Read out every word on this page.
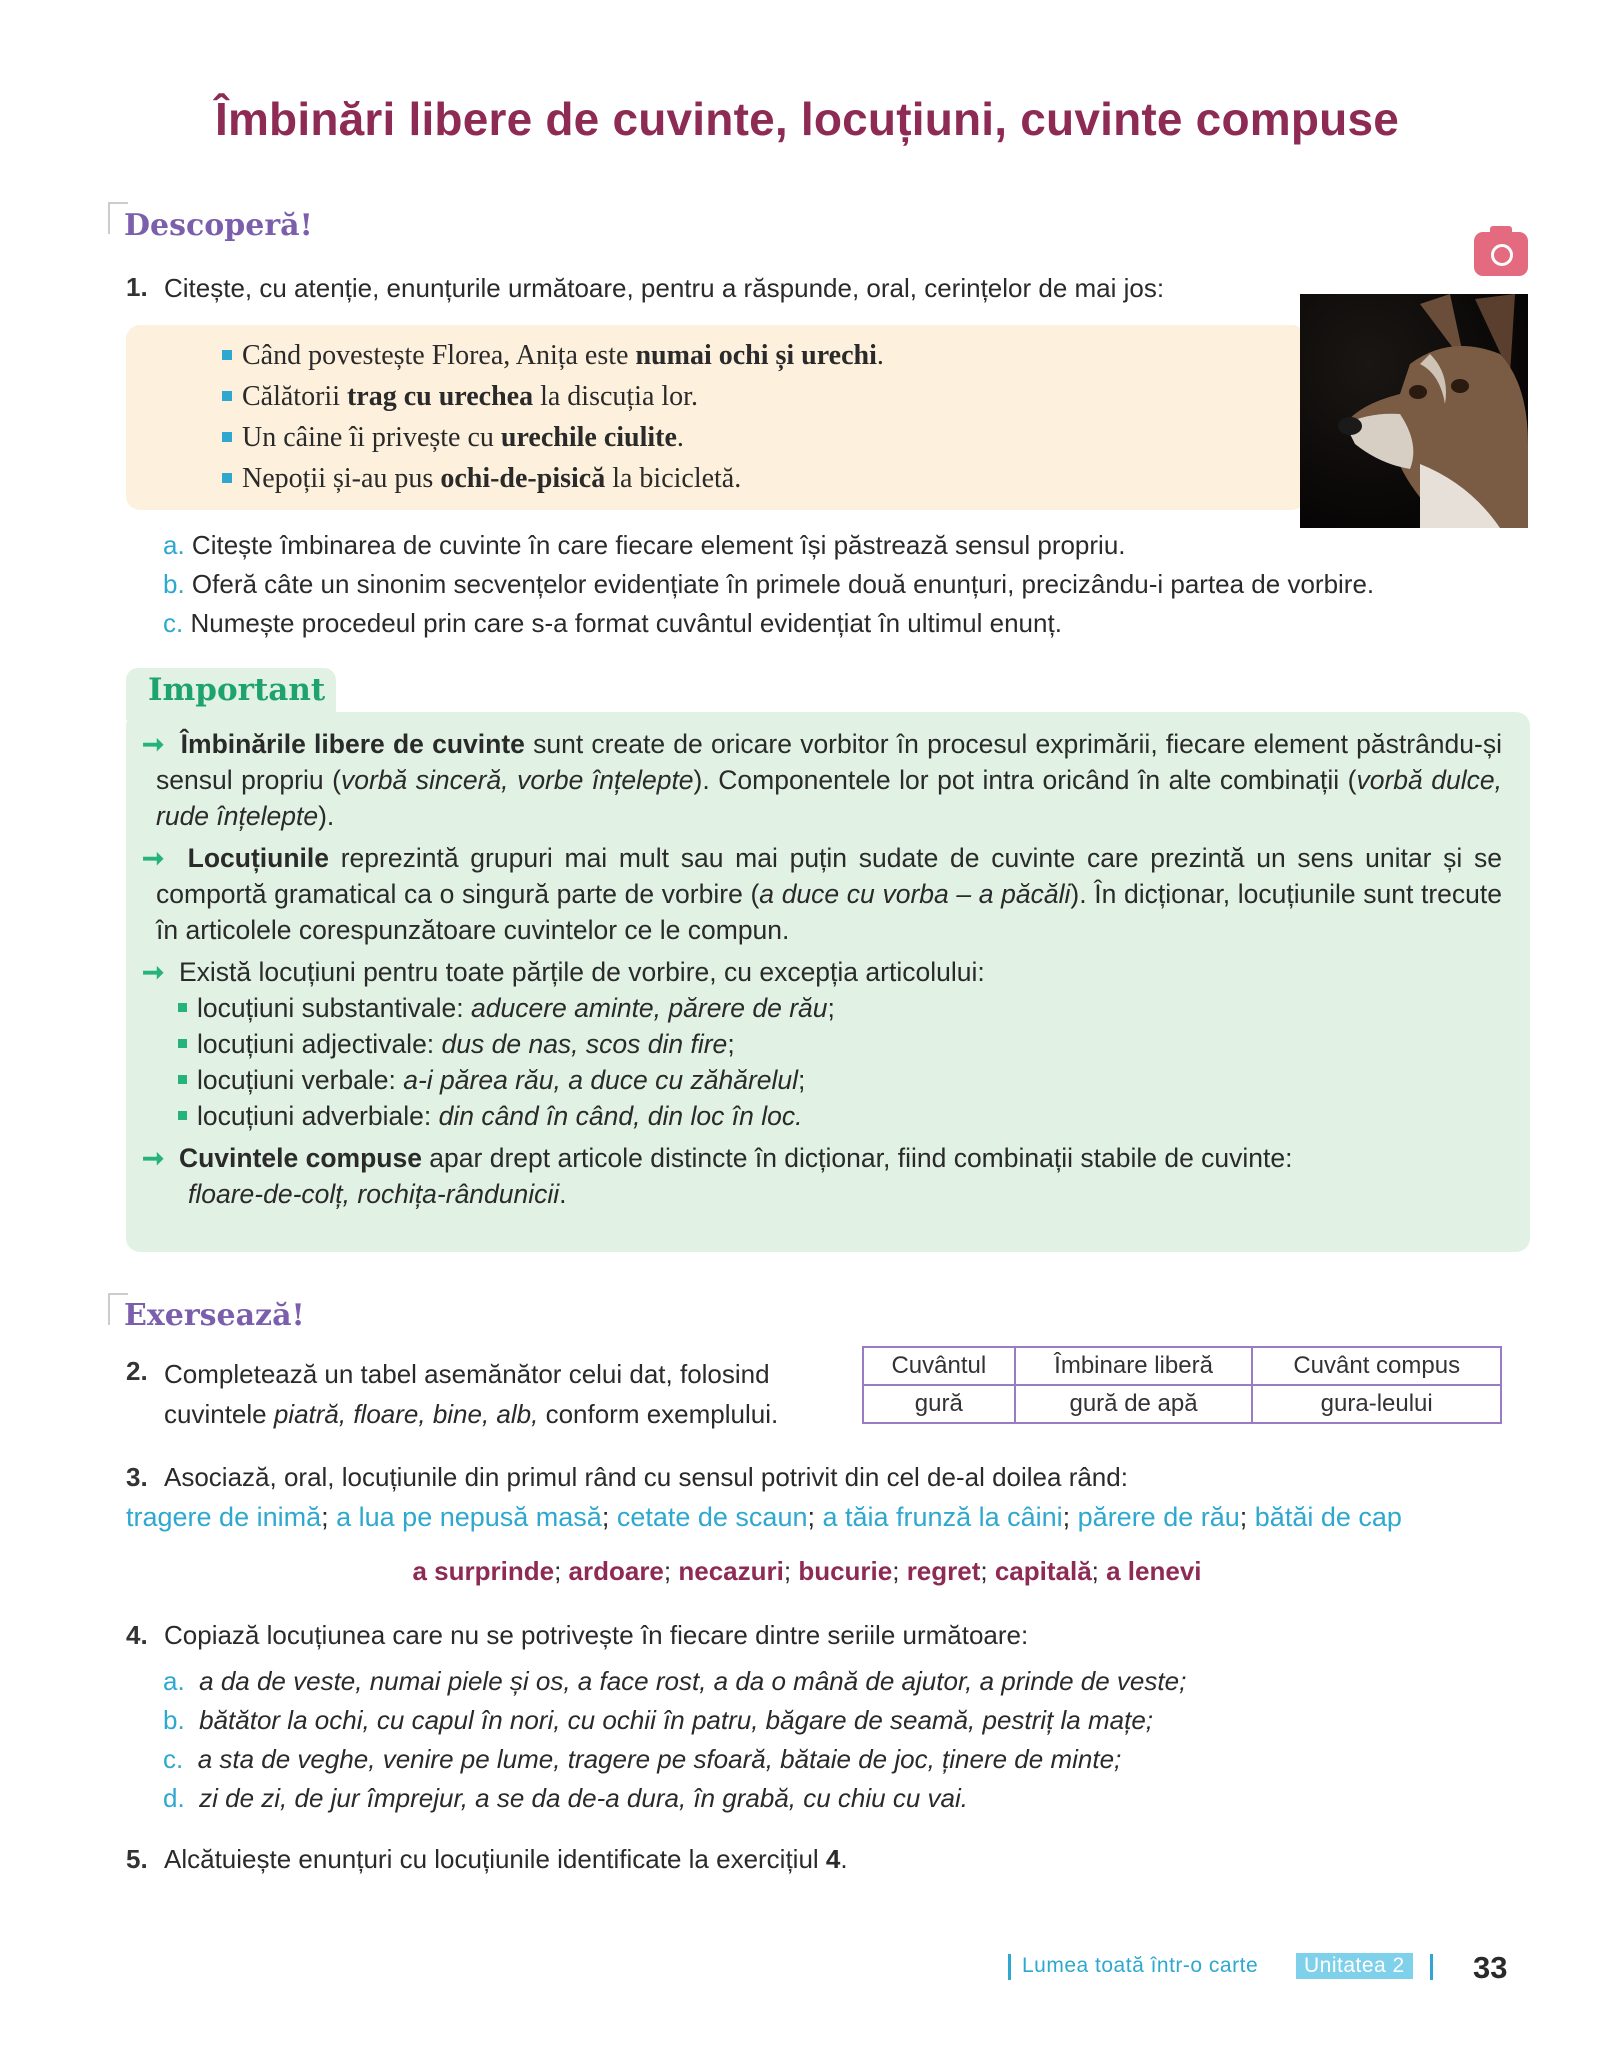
Îmbinări libere de cuvinte, locuțiuni, cuvinte compuse
Descoperă!
1. Citește, cu atenție, enunțurile următoare, pentru a răspunde, oral, cerințelor de mai jos:
Când povestește Florea, Anița este numai ochi și urechi.
Călătorii trag cu urechea la discuția lor.
Un câine îi privește cu urechile ciulite.
Nepoții și-au pus ochi-de-pisică la bicicletă.
a. Citește îmbinarea de cuvinte în care fiecare element își păstrează sensul propriu.
b. Oferă câte un sinonim secvențelor evidențiate în primele două enunțuri, precizându-i partea de vorbire.
c. Numește procedeul prin care s-a format cuvântul evidențiat în ultimul enunț.
Important
➞ Îmbinările libere de cuvinte sunt create de oricare vorbitor în procesul exprimării, fiecare element păstrându-și sensul propriu (vorbă sinceră, vorbe înțelepte). Componentele lor pot intra oricând în alte combinații (vorbă dulce, rude înțelepte).
➞ Locuțiunile reprezintă grupuri mai mult sau mai puțin sudate de cuvinte care prezintă un sens unitar și se comportă gramatical ca o singură parte de vorbire (a duce cu vorba – a păcăli). În dicționar, locuțiunile sunt trecute în articolele corespunzătoare cuvintelor ce le compun.
➞ Există locuțiuni pentru toate părțile de vorbire, cu excepția articolului:
locuțiuni substantivale: aducere aminte, părere de rău;
locuțiuni adjectivale: dus de nas, scos din fire;
locuțiuni verbale: a-i părea rău, a duce cu zăhărelul;
locuțiuni adverbiale: din când în când, din loc în loc.
➞ Cuvintele compuse apar drept articole distincte în dicționar, fiind combinații stabile de cuvinte:
floare-de-colț, rochița-rândunicii.
Exersează!
2. Completează un tabel asemănător celui dat, folosind
cuvintele piatră, floare, bine, alb, conform exemplului.
Cuvântul	Îmbinare liberă	Cuvânt compus
gură	gură de apă	gura-leului
3. Asociază, oral, locuțiunile din primul rând cu sensul potrivit din cel de-al doilea rând:
tragere de inimă; a lua pe nepusă masă; cetate de scaun; a tăia frunză la câini; părere de rău; bătăi de cap
a surprinde; ardoare; necazuri; bucurie; regret; capitală; a lenevi
4. Copiază locuțiunea care nu se potrivește în fiecare dintre seriile următoare:
a. a da de veste, numai piele și os, a face rost, a da o mână de ajutor, a prinde de veste;
b. bătător la ochi, cu capul în nori, cu ochii în patru, băgare de seamă, pestriț la mațe;
c. a sta de veghe, venire pe lume, tragere pe sfoară, bătaie de joc, ținere de minte;
d. zi de zi, de jur împrejur, a se da de-a dura, în grabă, cu chiu cu vai.
5. Alcătuiește enunțuri cu locuțiunile identificate la exercițiul 4.
Lumea toată într-o carte	Unitatea 2 33
